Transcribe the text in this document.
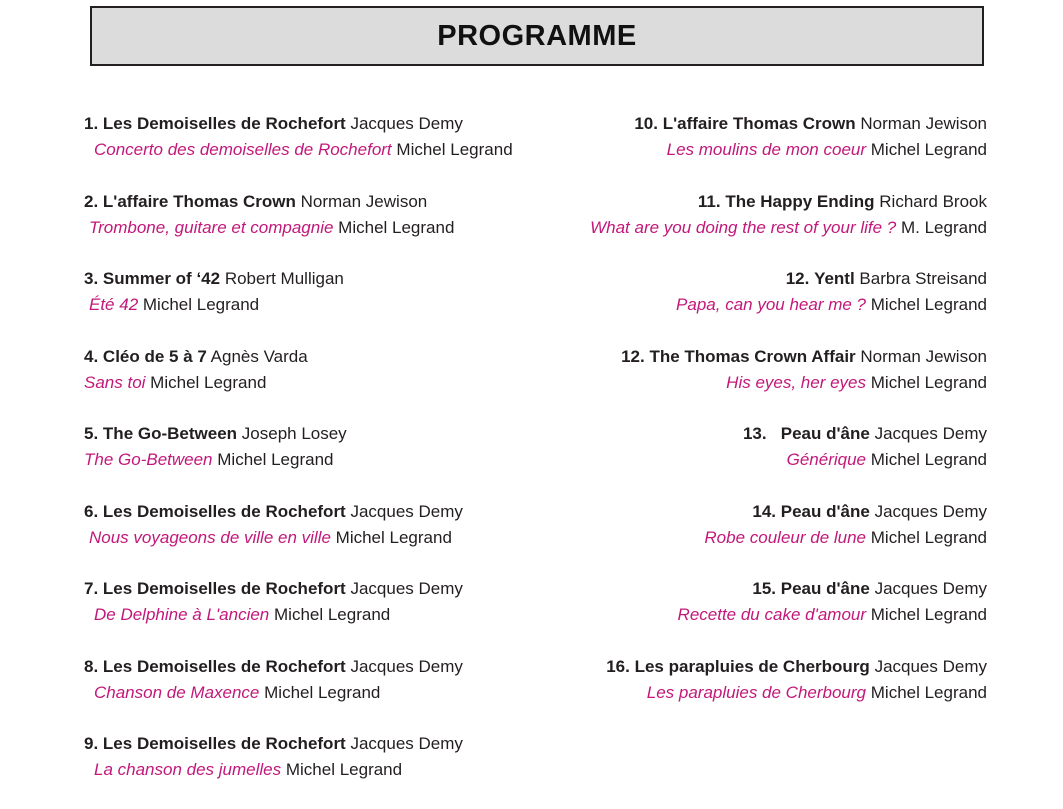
PROGRAMME
1. Les Demoiselles de Rochefort Jacques Demy
Concerto des demoiselles de Rochefort Michel Legrand
2. L'affaire Thomas Crown Norman Jewison
Trombone, guitare et compagnie Michel Legrand
3. Summer of ‘42 Robert Mulligan
Été 42 Michel Legrand
4. Cléo de 5 à 7 Agnès Varda
Sans toi Michel Legrand
5. The Go-Between Joseph Losey
The Go-Between Michel Legrand
6. Les Demoiselles de Rochefort Jacques Demy
Nous voyageons de ville en ville Michel Legrand
7. Les Demoiselles de Rochefort Jacques Demy
De Delphine à L'ancien Michel Legrand
8. Les Demoiselles de Rochefort Jacques Demy
Chanson de Maxence Michel Legrand
9. Les Demoiselles de Rochefort Jacques Demy
La chanson des jumelles Michel Legrand
10. L'affaire Thomas Crown Norman Jewison
Les moulins de mon coeur Michel Legrand
11. The Happy Ending Richard Brook
What are you doing the rest of your life ? M. Legrand
12. Yentl Barbra Streisand
Papa, can you hear me ? Michel Legrand
12. The Thomas Crown Affair Norman Jewison
His eyes, her eyes Michel Legrand
13. Peau d'âne Jacques Demy
Générique Michel Legrand
14. Peau d'âne Jacques Demy
Robe couleur de lune Michel Legrand
15. Peau d'âne Jacques Demy
Recette du cake d'amour Michel Legrand
16. Les parapluies de Cherbourg Jacques Demy
Les parapluies de Cherbourg Michel Legrand
